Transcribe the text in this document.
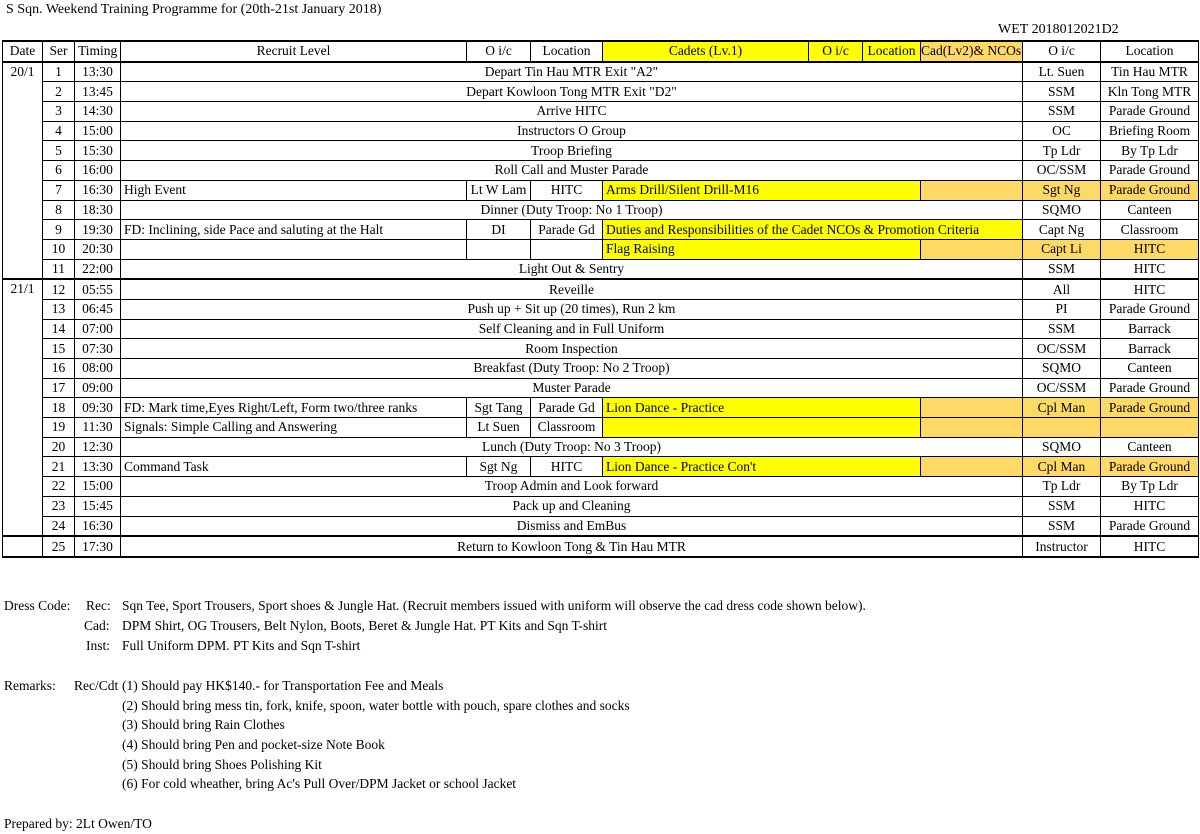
S Sqn. Weekend Training Programme for (20th-21st January 2018)
WET 2018012021D2
Date	Ser	Timing	Recruit Level	O i/c	Location	Cadets (Lv.1)	O i/c	Location	Cad(Lv2)& NCOs	O i/c	Location
20/1	1	13:30	Depart Tin Hau MTR Exit "A2"							Lt. Suen	Tin Hau MTR
	2	13:45	Depart Kowloon Tong MTR Exit "D2"							SSM	Kln Tong MTR
	3	14:30	Arrive HITC							SSM	Parade Ground
	4	15:00	Instructors O Group							OC	Briefing Room
	5	15:30	Troop Briefing							Tp Ldr	By Tp Ldr
	6	16:00	Roll Call and Muster Parade							OC/SSM	Parade Ground
	7	16:30	High Event	Lt W Lam	HITC	Arms Drill/Silent Drill-M16				Sgt Ng	Parade Ground
	8	18:30	Dinner (Duty Troop: No 1 Troop)							SQMO	Canteen
	9	19:30	FD: Inclining, side Pace and saluting at the Halt	DI	Parade Gd	Duties and Responsibilities of the Cadet NCOs & Promotion Criteria				Capt Ng	Classroom
	10	20:30				Flag Raising				Capt Li	HITC
	11	22:00	Light Out & Sentry							SSM	HITC
21/1	12	05:55	Reveille							All	HITC
	13	06:45	Push up + Sit up (20 times), Run 2 km							PI	Parade Ground
	14	07:00	Self Cleaning and in Full Uniform							SSM	Barrack
	15	07:30	Room Inspection							OC/SSM	Barrack
	16	08:00	Breakfast (Duty Troop: No 2 Troop)							SQMO	Canteen
	17	09:00	Muster Parade							OC/SSM	Parade Ground
	18	09:30	FD: Mark time,Eyes Right/Left, Form two/three ranks	Sgt Tang	Parade Gd	Lion Dance - Practice				Cpl Man	Parade Ground
	19	11:30	Signals: Simple Calling and Answering	Lt Suen	Classroom						
	20	12:30	Lunch (Duty Troop: No 3 Troop)							SQMO	Canteen
	21	13:30	Command Task	Sgt Ng	HITC	Lion Dance - Practice Con't				Cpl Man	Parade Ground
	22	15:00	Troop Admin and Look forward							Tp Ldr	By Tp Ldr
	23	15:45	Pack up and Cleaning							SSM	HITC
	24	16:30	Dismiss and EmBus							SSM	Parade Ground
	25	17:30	Return to Kowloon Tong & Tin Hau MTR							Instructor	HITC
Dress Code: Rec: Sqn Tee, Sport Trousers, Sport shoes & Jungle Hat. (Recruit members issued with uniform will observe the cad dress code shown below).
Cad: DPM Shirt, OG Trousers, Belt Nylon, Boots, Beret & Jungle Hat. PT Kits and Sqn T-shirt
Inst: Full Uniform DPM. PT Kits and Sqn T-shirt
Remarks: Rec/Cdt (1) Should pay HK$140.- for Transportation Fee and Meals
(2) Should bring mess tin, fork, knife, spoon, water bottle with pouch, spare clothes and socks
(3) Should bring Rain Clothes
(4) Should bring Pen and pocket-size Note Book
(5) Should bring Shoes Polishing Kit
(6) For cold wheather, bring Ac's Pull Over/DPM Jacket or school Jacket
Prepared by: 2Lt Owen/TO
